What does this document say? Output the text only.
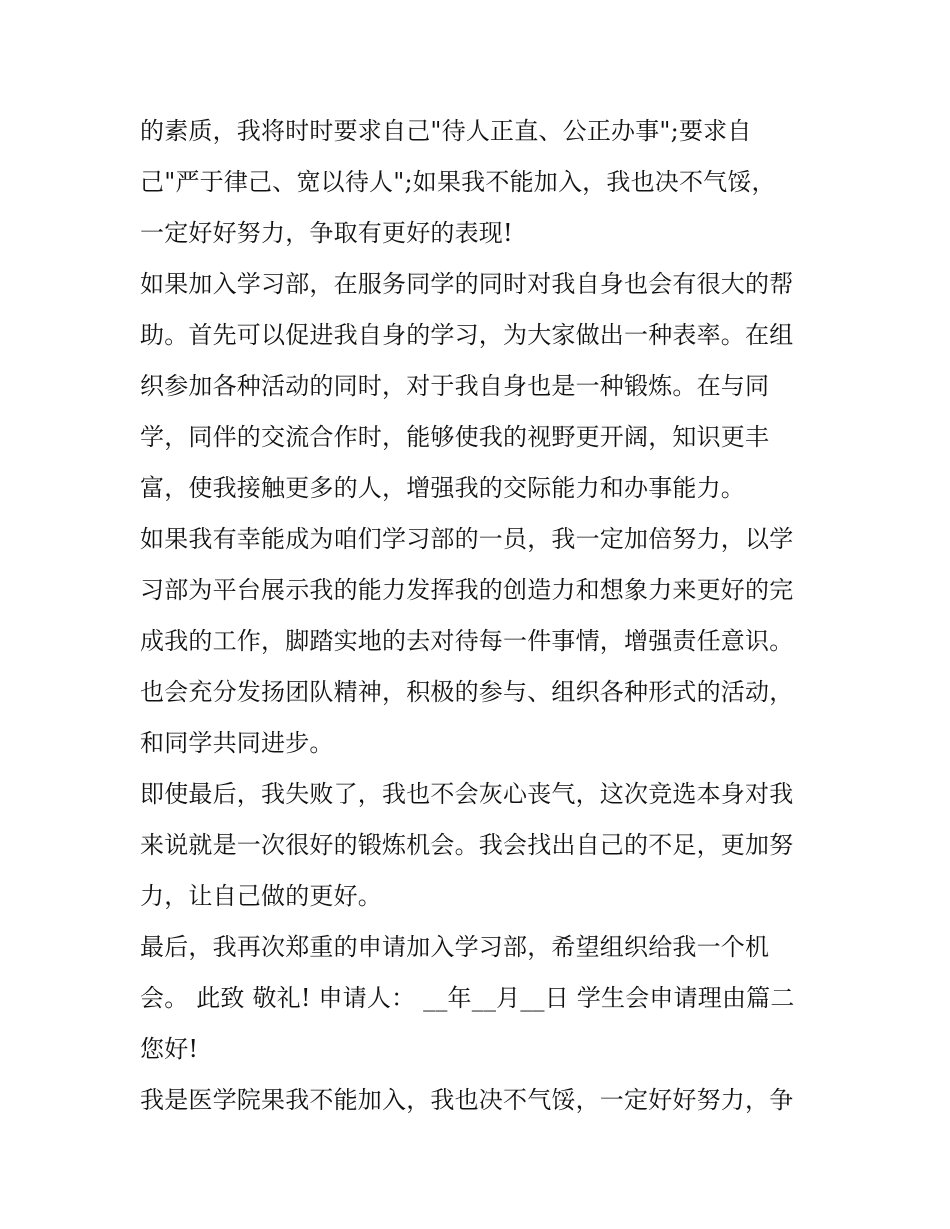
的素质，我将时时要求自己"待人正直、公正办事";要求自
己"严于律己、宽以待人";如果我不能加入，我也决不气馁，
一定好好努力，争取有更好的表现!
如果加入学习部，在服务同学的同时对我自身也会有很大的帮
助。首先可以促进我自身的学习，为大家做出一种表率。在组
织参加各种活动的同时，对于我自身也是一种锻炼。在与同
学，同伴的交流合作时，能够使我的视野更开阔，知识更丰
富，使我接触更多的人，增强我的交际能力和办事能力。
如果我有幸能成为咱们学习部的一员，我一定加倍努力，以学
习部为平台展示我的能力发挥我的创造力和想象力来更好的完
成我的工作，脚踏实地的去对待每一件事情，增强责任意识。
也会充分发扬团队精神，积极的参与、组织各种形式的活动，
和同学共同进步。
即使最后，我失败了，我也不会灰心丧气，这次竞选本身对我
来说就是一次很好的锻炼机会。我会找出自己的不足，更加努
力，让自己做的更好。
最后，我再次郑重的申请加入学习部，希望组织给我一个机
会。 此致 敬礼! 申请人： __年__月__日 学生会申请理由篇二
您好!
我是医学院果我不能加入，我也决不气馁，一定好好努力，争
